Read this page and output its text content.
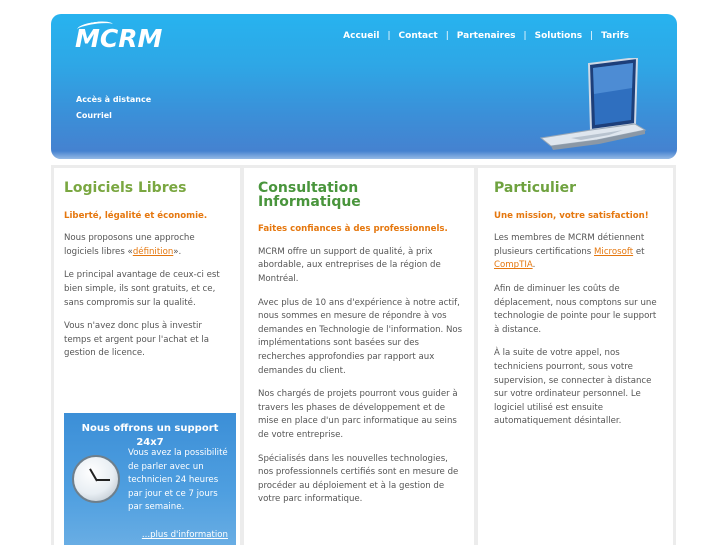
MCRM	Accueil | Contact | Partenaires | Solutions | Tarifs
Accès à distance
Courriel
Logiciels Libres
Liberté, légalité et économie.

Nous proposons une approche logiciels libres «définition».

Le principal avantage de ceux-ci est bien simple, ils sont gratuits, et ce, sans compromis sur la qualité.

Vous n'avez donc plus à investir temps et argent pour l'achat et la gestion de licence.

Nous offrons un support 24x7
Vous avez la possibilité de parler avec un technicien 24 heures par jour et ce 7 jours par semaine.
...plus d'information
Consultation Informatique
Faites confiances à des professionnels.

MCRM offre un support de qualité, à prix abordable, aux entreprises de la région de Montréal.

Avec plus de 10 ans d'expérience à notre actif, nous sommes en mesure de répondre à vos demandes en Technologie de l'information. Nos implémentations sont basées sur des recherches approfondies par rapport aux demandes du client.

Nos chargés de projets pourront vous guider à travers les phases de développement et de mise en place d'un parc informatique au seins de votre entreprise.

Spécialisés dans les nouvelles technologies, nos professionnels certifiés sont en mesure de procéder au déploiement et à la gestion de votre parc informatique.

Particulier
Une mission, votre satisfaction!

Les membres de MCRM détiennent plusieurs certifications Microsoft et CompTIA.

Afin de diminuer les coûts de déplacement, nous comptons sur une technologie de pointe pour le support à distance.

À la suite de votre appel, nos techniciens pourront, sous votre supervision, se connecter à distance sur votre ordinateur personnel. Le logiciel utilisé est ensuite automatiquement désintaller.
